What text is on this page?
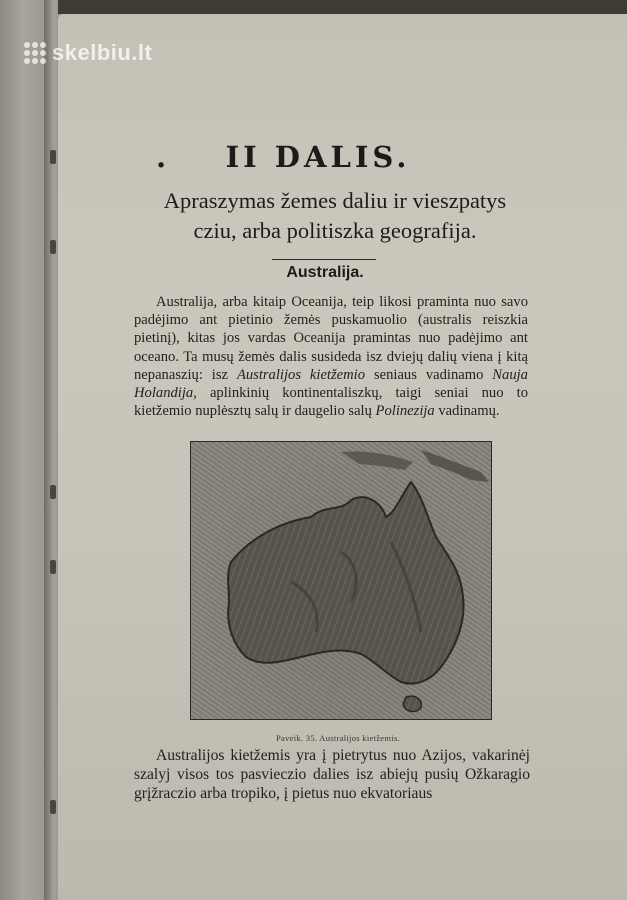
skelbiu.lt
. II DALIS.
Apraszymas žemes daliu ir vieszpatys
cziu, arba politiszka geografija.
Australija.
Australija, arba kitaip Oceanija, teip likosi praminta nuo savo padėjimo ant pietinio žemės puskamuolio (australis reiszkia pietinį), kitas jos vardas Oceanija pramintas nuo padėjimo ant oceano. Ta musų žemės dalis susideda isz dviejų dalių viena į kitą nepanaszių: isz Australijos kietžemio seniaus vadinamo Nauja Holandija, aplinkinių kontinentaliszkų, taigi seniai nuo to kietžemio nuplėsztų salų ir daugelio salų Polinezija vadinamų.
Paveik. 35. Australijos kietžemis.
Australijos kietžemis yra į pietrytus nuo Azijos, vakarinėj szalyj visos tos pasvieczio dalies isz abiejų pusių Ožkaragio grįžraczio arba tropiko, į pietus nuo ekvatoriaus
